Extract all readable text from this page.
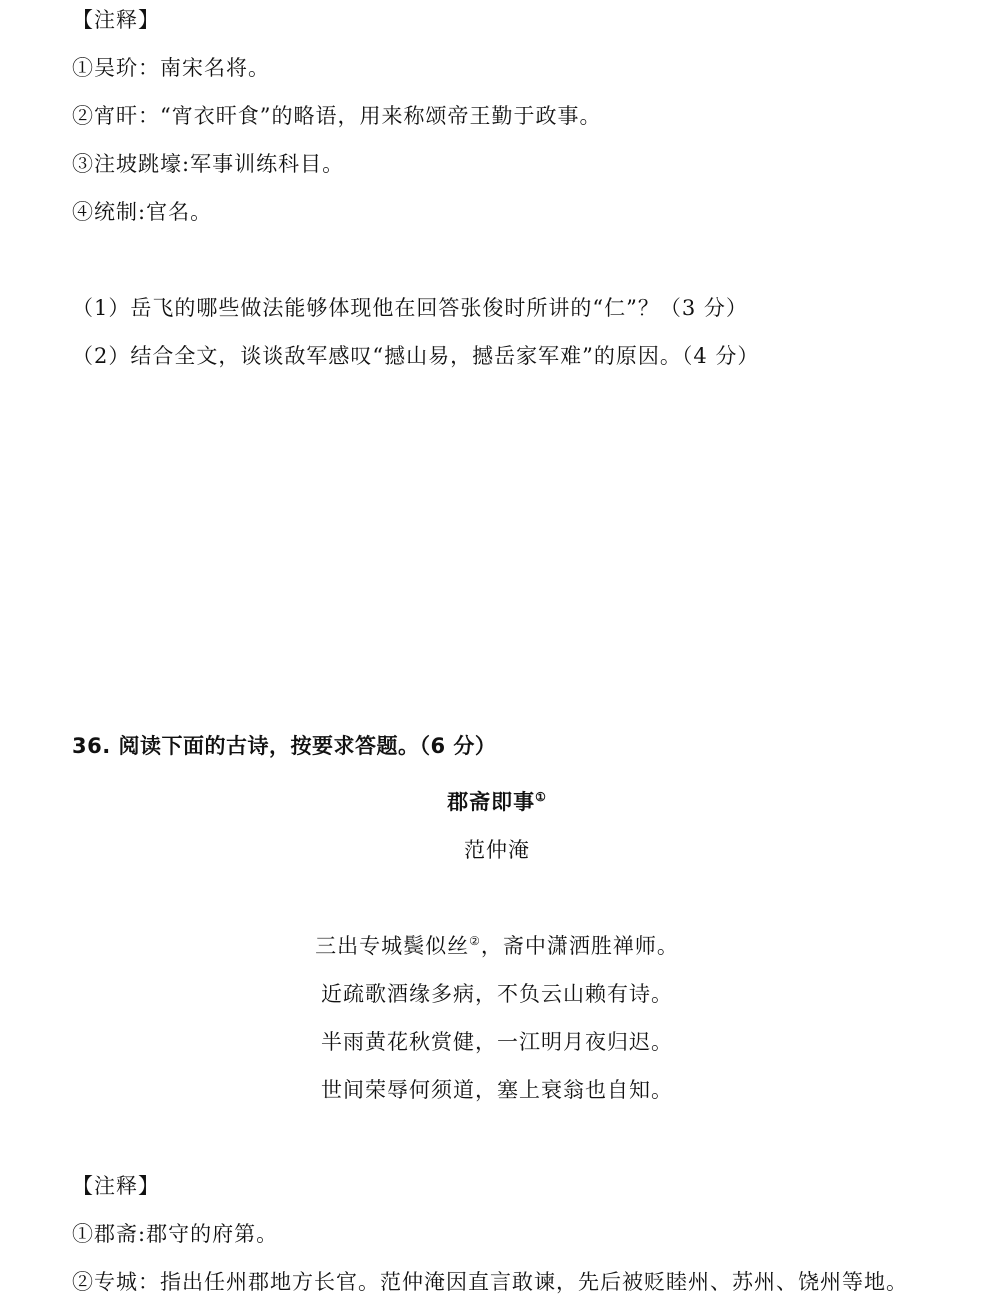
【注释】
①吴玠：南宋名将。
②宵旰：“宵衣旰食”的略语，用来称颂帝王勤于政事。
③注坡跳壕:军事训练科目。
④统制:官名。
（1）岳飞的哪些做法能够体现他在回答张俊时所讲的“仁”？（3 分）
（2）结合全文，谈谈敌军感叹“撼山易，撼岳家军难”的原因。（4 分）
36. 阅读下面的古诗，按要求答题。（6 分）
郡斋即事①
范仲淹
三出专城鬓似丝②，斋中潇洒胜禅师。
近疏歌酒缘多病，不负云山赖有诗。
半雨黄花秋赏健，一江明月夜归迟。
世间荣辱何须道，塞上衰翁也自知。
【注释】
①郡斋:郡守的府第。
②专城：指出任州郡地方长官。范仲淹因直言敢谏，先后被贬睦州、苏州、饶州等地。
